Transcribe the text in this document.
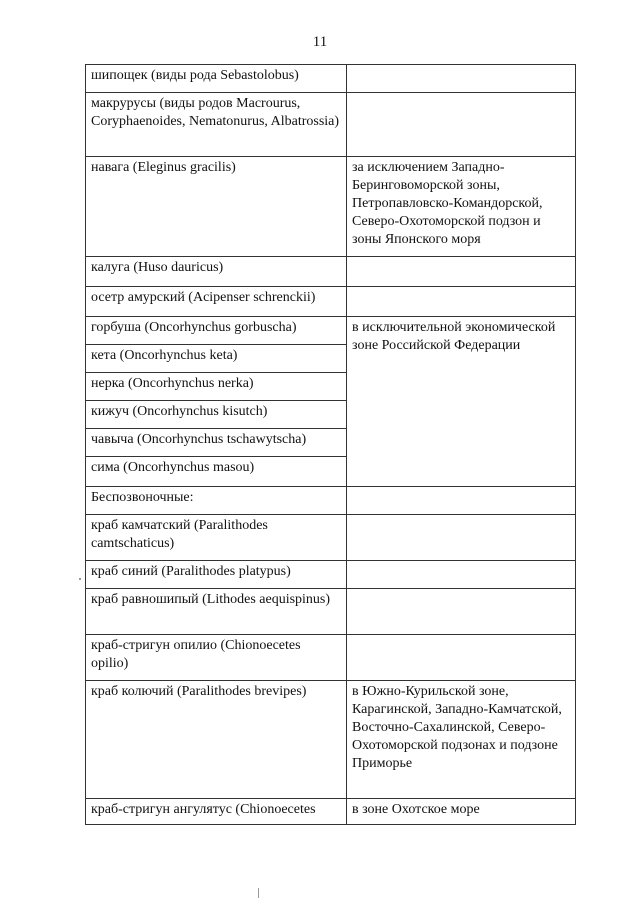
11
шипощек (виды рода Sebastolobus)	
макрурусы (виды родов Macrourus, Coryphaenoides, Nematonurus, Albatrossia)	
навага (Eleginus gracilis)	за исключением Западно-Беринговоморской зоны, Петропавловско-Командорской, Северо-Охотоморской подзон и зоны Японского моря
калуга (Huso dauricus)	
осетр амурский (Acipenser schrenckii)	
горбуша (Oncorhynchus gorbuscha)	в исключительной экономической зоне Российской Федерации
кета (Oncorhynchus keta)	
нерка (Oncorhynchus nerka)	
кижуч (Oncorhynchus kisutch)	
чавыча (Oncorhynchus tschawytscha)	
сима (Oncorhynchus masou)	
Беспозвоночные:	
краб камчатский (Paralithodes camtschaticus)	
краб синий (Paralithodes platypus)	
краб равношипый (Lithodes aequispinus)	
краб-стригун опилио (Chionoecetes opilio)	
краб колючий (Paralithodes brevipes)	в Южно-Курильской зоне, Карагинской, Западно-Камчатской, Восточно-Сахалинской, Северо-Охотоморской подзонах и подзоне Приморье
краб-стригун ангулятус (Chionoecetes	в зоне Охотское море
